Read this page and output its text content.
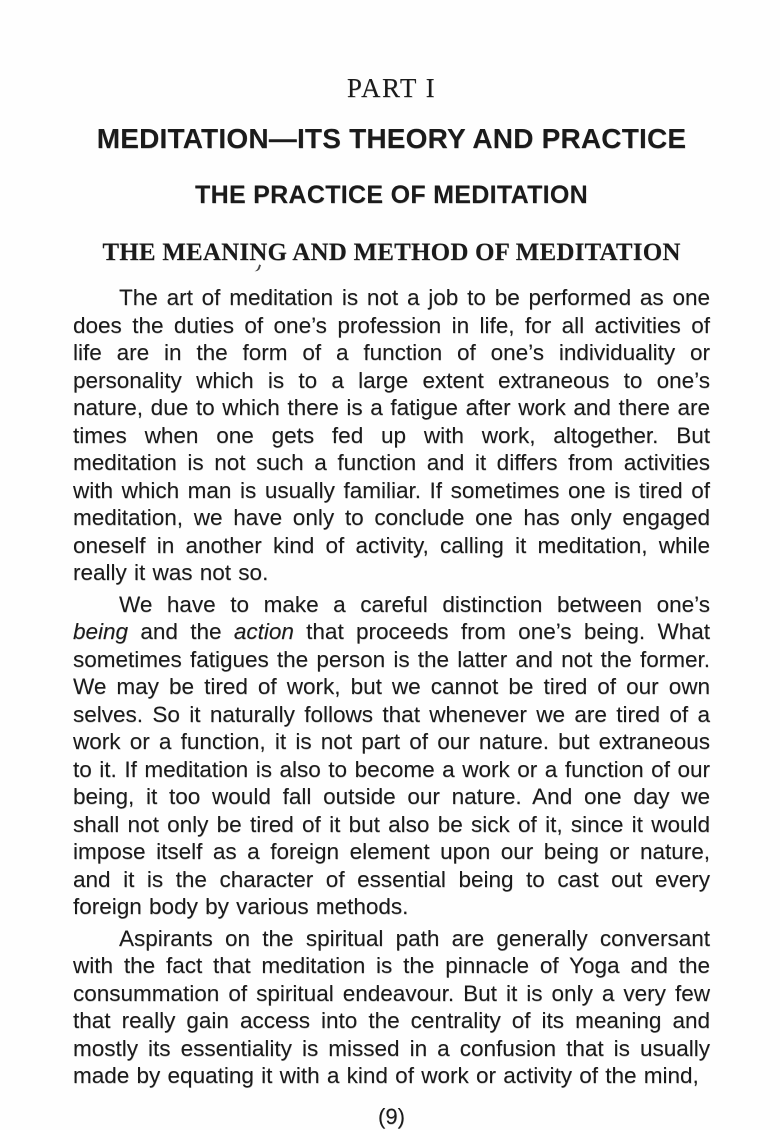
PART I
MEDITATION—ITS THEORY AND PRACTICE
THE PRACTICE OF MEDITATION
THE MEANING AND METHOD OF MEDITATION

The art of meditation is not a job to be performed as one does the duties of one’s profession in life, for all activities of life are in the form of a function of one’s individuality or personality which is to a large extent extraneous to one’s nature, due to which there is a fatigue after work and there are times when one gets fed up with work, altogether. But meditation is not such a function and it differs from activities with which man is usually familiar. If sometimes one is tired of meditation, we have only to conclude one has only engaged oneself in another kind of activity, calling it meditation, while really it was not so.

We have to make a careful distinction between one’s being and the action that proceeds from one’s being. What sometimes fatigues the person is the latter and not the former. We may be tired of work, but we cannot be tired of our own selves. So it naturally follows that whenever we are tired of a work or a function, it is not part of our nature. but extraneous to it. If meditation is also to become a work or a function of our being, it too would fall outside our nature. And one day we shall not only be tired of it but also be sick of it, since it would impose itself as a foreign element upon our being or nature, and it is the character of essential being to cast out every foreign body by various methods.

Aspirants on the spiritual path are generally conversant with the fact that meditation is the pinnacle of Yoga and the consummation of spiritual endeavour. But it is only a very few that really gain access into the centrality of its meaning and mostly its essentiality is missed in a confusion that is usually made by equating it with a kind of work or activity of the mind,

(9)
